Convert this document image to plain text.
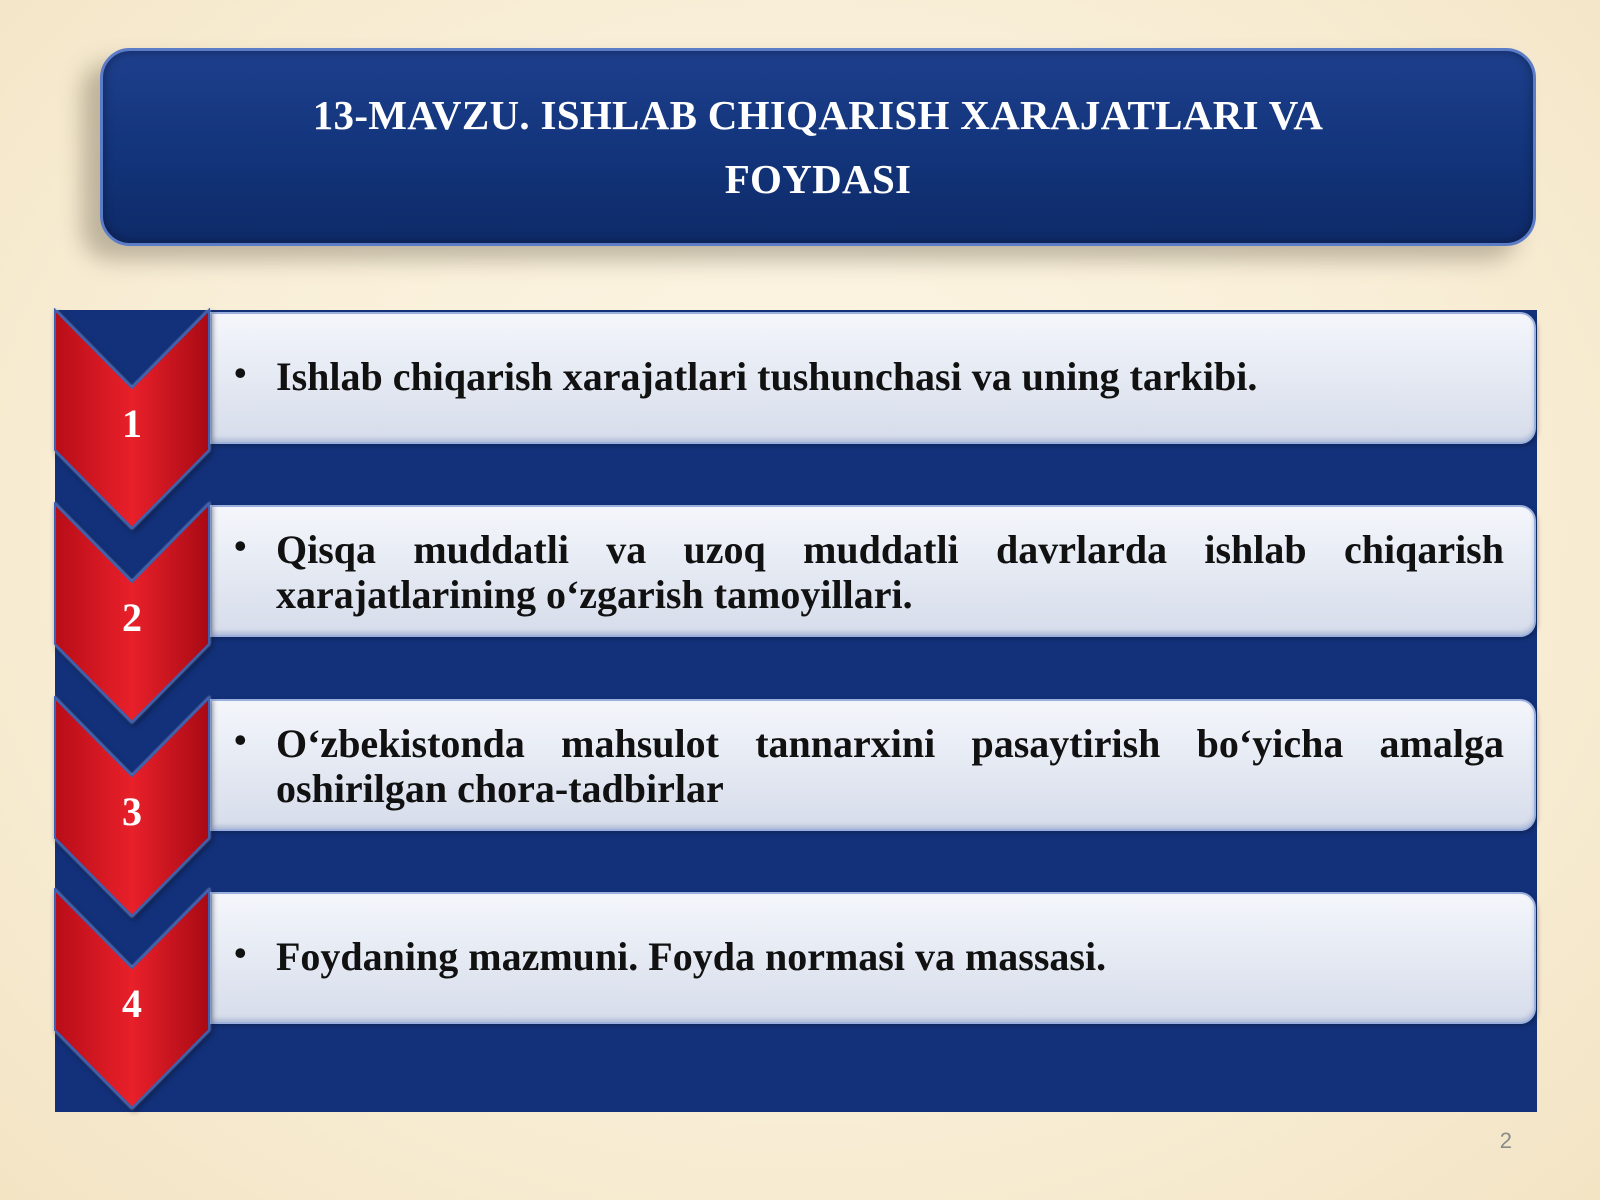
13-MAVZU. ISHLAB CHIQARISH XARAJATLARI VA
FOYDASI
• Ishlab chiqarish xarajatlari tushunchasi va uning tarkibi.
• Qisqa muddatli va uzoq muddatli davrlarda ishlab chiqarish xarajatlarining o‘zgarish tamoyillari.
• O‘zbekistonda mahsulot tannarxini pasaytirish bo‘yicha amalga oshirilgan chora-tadbirlar
• Foydaning mazmuni. Foyda normasi va massasi.
1
2
3
4
2
